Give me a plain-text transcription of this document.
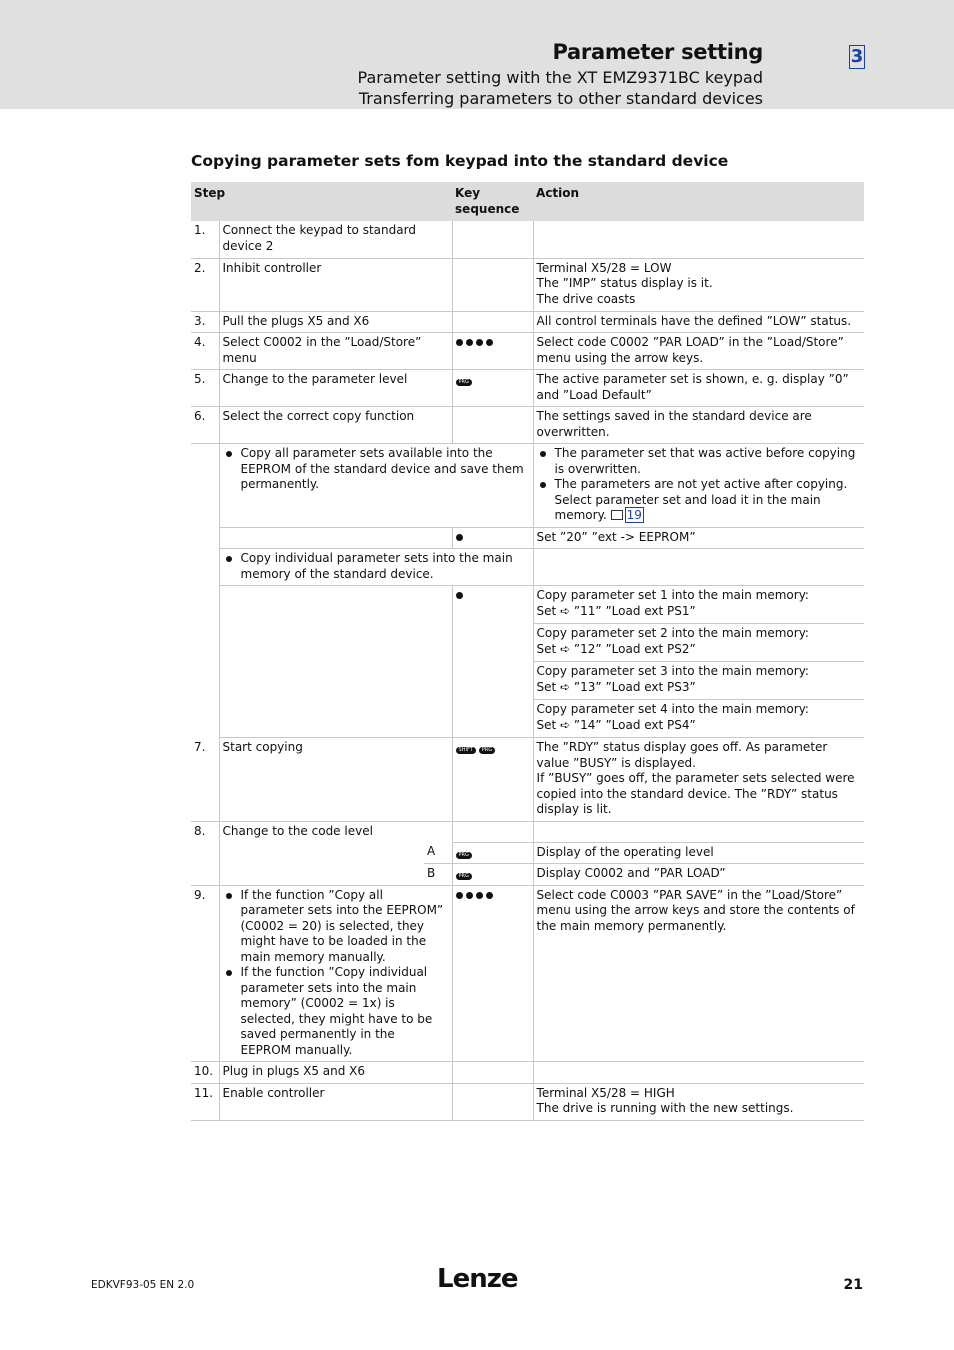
Parameter setting
Parameter setting with the XT EMZ9371BC keypad
Transferring parameters to other standard devices
3
Copying parameter sets fom keypad into the standard device
Step			Key sequence	Action
1.	Connect the keypad to standard device 2			
2.	Inhibit controller			Terminal X5/28 = LOW
The ”IMP” status display is it.
The drive coasts
3.	Pull the plugs X5 and X6			All control terminals have the defined ”LOW” status.
4.	Select C0002 in the ”Load/Store” menu			Select code C0002 ”PAR LOAD” in the ”Load/Store” menu using the arrow keys.
5.	Change to the parameter level		PRG	The active parameter set is shown, e. g. display ”0” and ”Load Default”
6.	Select the correct copy function			The settings saved in the standard device are overwritten.

	Copy all parameter sets available into the EEPROM of the standard device and save them permanently.			The parameter set that was active before copying is overwritten.
The parameters are not yet active after copying. Select parameter set and load it in the main memory. 19

		Set ”20” ”ext -> EEPROM”

	Copy individual parameter sets into the main memory of the standard device.			

				Copy parameter set 1 into the main memory:
Set ➪ ”11” ”Load ext PS1”

				Copy parameter set 2 into the main memory:
Set ➪ ”12” ”Load ext PS2”

				Copy parameter set 3 into the main memory:
Set ➪ ”13” ”Load ext PS3”

				Copy parameter set 4 into the main memory:
Set ➪ ”14” ”Load ext PS4”

7.	Start copying		SHIFT PRG	The ”RDY” status display goes off. As parameter value ”BUSY” is displayed.
If ”BUSY” goes off, the parameter sets selected were copied into the standard device. The ”RDY” status display is lit.
8.	Change to the code level			
		A	PRG	Display of the operating level
		B	PRG	Display C0002 and ”PAR LOAD”
9.	If the function ”Copy all parameter sets into the EEPROM” (C0002 = 20) is selected, they might have to be loaded in the main memory manually.
If the function ”Copy individual parameter sets into the main memory” (C0002 = 1x) is selected, they might have to be saved permanently in the EEPROM manually.			Select code C0003 ”PAR SAVE” in the ”Load/Store” menu using the arrow keys and store the contents of the main memory permanently.
10.	Plug in plugs X5 and X6			
11.	Enable controller			Terminal X5/28 = HIGH
The drive is running with the new settings.
EDKVF93-05 EN 2.0	Lenze	21
